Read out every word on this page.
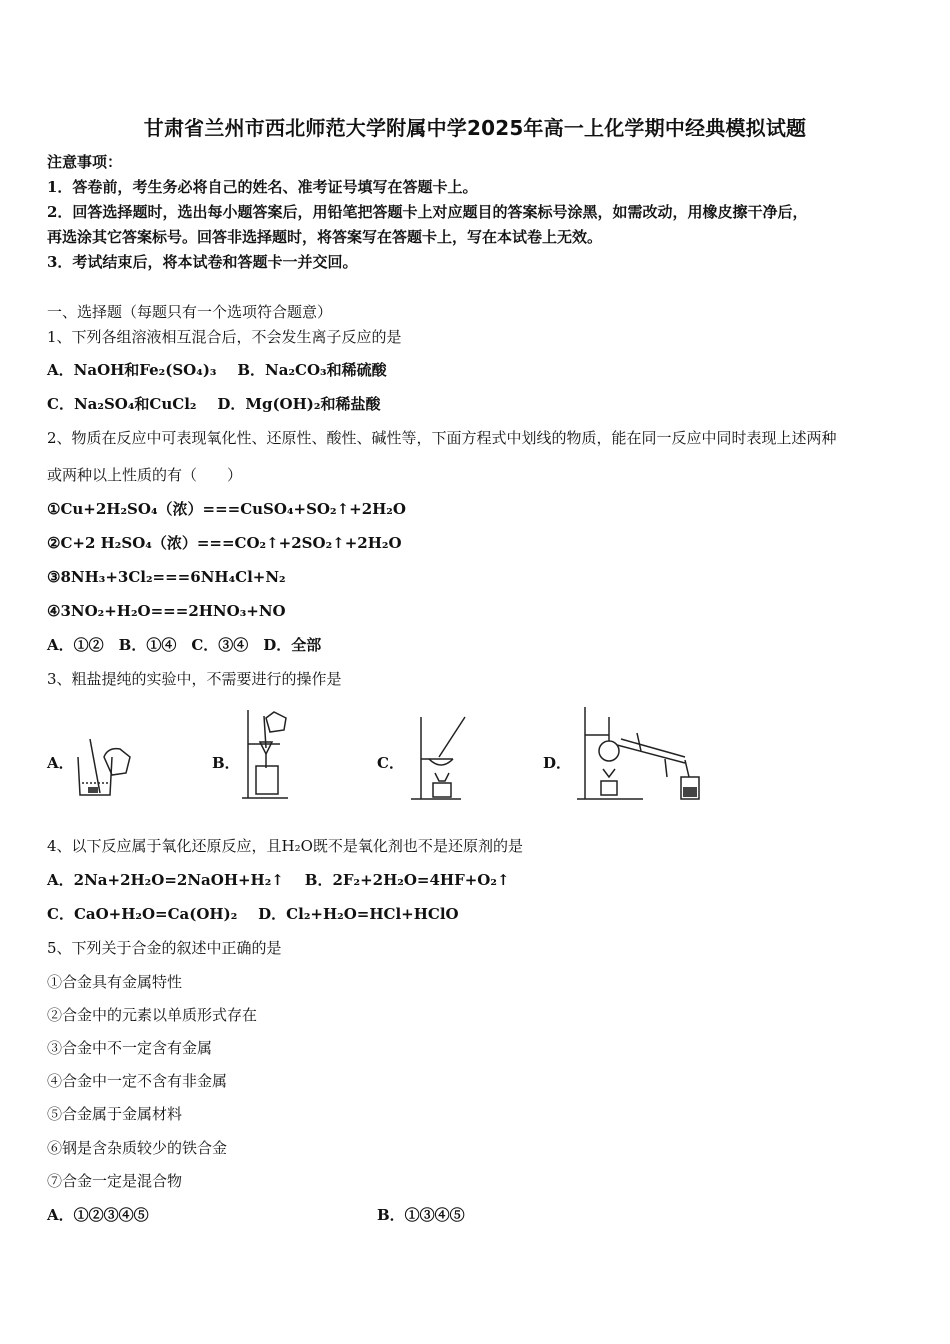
甘肃省兰州市西北师范大学附属中学2025年高一上化学期中经典模拟试题
注意事项：
1．答卷前，考生务必将自己的姓名、准考证号填写在答题卡上。
2．回答选择题时，选出每小题答案后，用铅笔把答题卡上对应题目的答案标号涂黑，如需改动，用橡皮擦干净后，
再选涂其它答案标号。回答非选择题时，将答案写在答题卡上，写在本试卷上无效。
3．考试结束后，将本试卷和答题卡一并交回。
一、选择题（每题只有一个选项符合题意）
1、下列各组溶液相互混合后，不会发生离子反应的是
A．NaOH和Fe₂(SO₄)₃ B．Na₂CO₃和稀硫酸
C．Na₂SO₄和CuCl₂ D．Mg(OH)₂和稀盐酸
2、物质在反应中可表现氧化性、还原性、酸性、碱性等，下面方程式中划线的物质，能在同一反应中同时表现上述两种
或两种以上性质的有（　　）
①Cu+2H₂SO₄（浓）===CuSO₄+SO₂↑+2H₂O
②C+2 H₂SO₄（浓）===CO₂↑+2SO₂↑+2H₂O
③8NH₃+3Cl₂===6NH₄Cl+N₂
④3NO₂+H₂O===2HNO₃+NO
A．①②　B．①④　C．③④　D．全部
3、粗盐提纯的实验中，不需要进行的操作是
A．	B．	C．	D．
4、以下反应属于氧化还原反应，且H₂O既不是氧化剂也不是还原剂的是
A．2Na+2H₂O=2NaOH+H₂↑ B．2F₂+2H₂O=4HF+O₂↑
C．CaO+H₂O=Ca(OH)₂ D．Cl₂+H₂O=HCl+HClO
5、下列关于合金的叙述中正确的是
①合金具有金属特性
②合金中的元素以单质形式存在
③合金中不一定含有金属
④合金中一定不含有非金属
⑤合金属于金属材料
⑥钢是含杂质较少的铁合金
⑦合金一定是混合物
A．①②③④⑤	B．①③④⑤
